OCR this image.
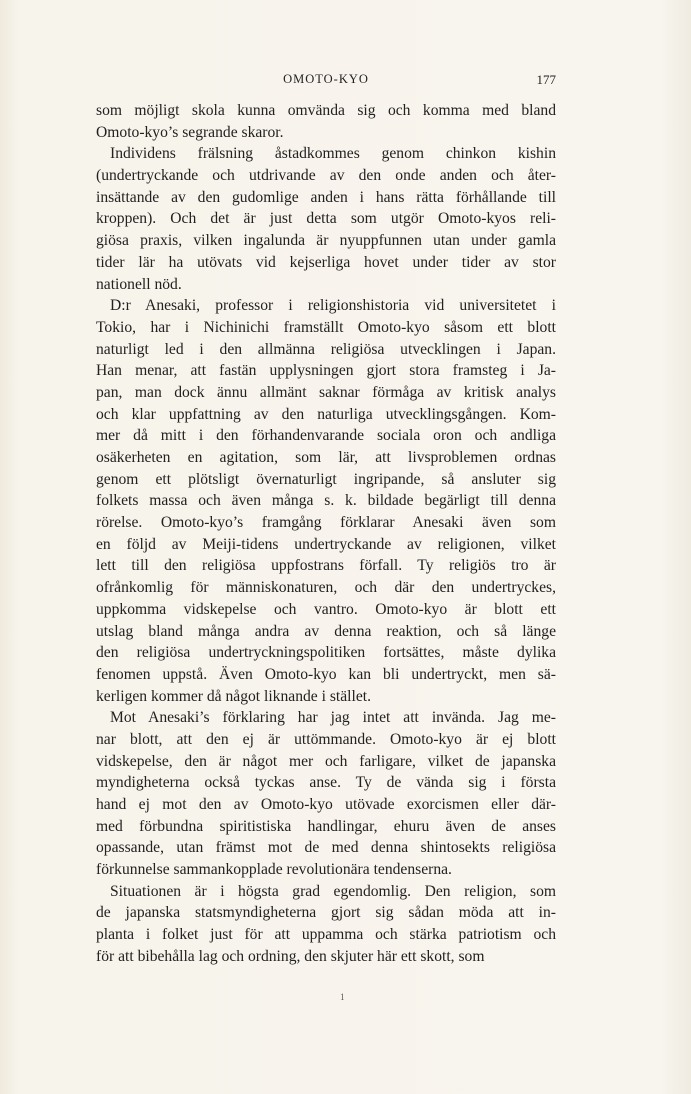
OMOTO-KYO	177
som möjligt skola kunna omvända sig och komma med bland
Omoto-kyo’s segrande skaror.
Individens frälsning åstadkommes genom chinkon kishin
(undertryckande och utdrivande av den onde anden och åter-
insättande av den gudomlige anden i hans rätta förhållande till
kroppen). Och det är just detta som utgör Omoto-kyos reli-
giösa praxis, vilken ingalunda är nyuppfunnen utan under gamla
tider lär ha utövats vid kejserliga hovet under tider av stor
nationell nöd.
D:r Anesaki, professor i religionshistoria vid universitetet i
Tokio, har i Nichinichi framställt Omoto-kyo såsom ett blott
naturligt led i den allmänna religiösa utvecklingen i Japan.
Han menar, att fastän upplysningen gjort stora framsteg i Ja-
pan, man dock ännu allmänt saknar förmåga av kritisk analys
och klar uppfattning av den naturliga utvecklingsgången. Kom-
mer då mitt i den förhandenvarande sociala oron och andliga
osäkerheten en agitation, som lär, att livsproblemen ordnas
genom ett plötsligt övernaturligt ingripande, så ansluter sig
folkets massa och även många s. k. bildade begärligt till denna
rörelse. Omoto-kyo’s framgång förklarar Anesaki även som
en följd av Meiji-tidens undertryckande av religionen, vilket
lett till den religiösa uppfostrans förfall. Ty religiös tro är
ofrånkomlig för människonaturen, och där den undertryckes,
uppkomma vidskepelse och vantro. Omoto-kyo är blott ett
utslag bland många andra av denna reaktion, och så länge
den religiösa undertryckningspolitiken fortsättes, måste dylika
fenomen uppstå. Även Omoto-kyo kan bli undertryckt, men sä-
kerligen kommer då något liknande i stället.
Mot Anesaki’s förklaring har jag intet att invända. Jag me-
nar blott, att den ej är uttömmande. Omoto-kyo är ej blott
vidskepelse, den är något mer och farligare, vilket de japanska
myndigheterna också tyckas anse. Ty de vända sig i första
hand ej mot den av Omoto-kyo utövade exorcismen eller där-
med förbundna spiritistiska handlingar, ehuru även de anses
opassande, utan främst mot de med denna shintosekts religiösa
förkunnelse sammankopplade revolutionära tendenserna.
Situationen är i högsta grad egendomlig. Den religion, som
de japanska statsmyndigheterna gjort sig sådan möda att in-
planta i folket just för att uppamma och stärka patriotism och
för att bibehålla lag och ordning, den skjuter här ett skott, som
1
